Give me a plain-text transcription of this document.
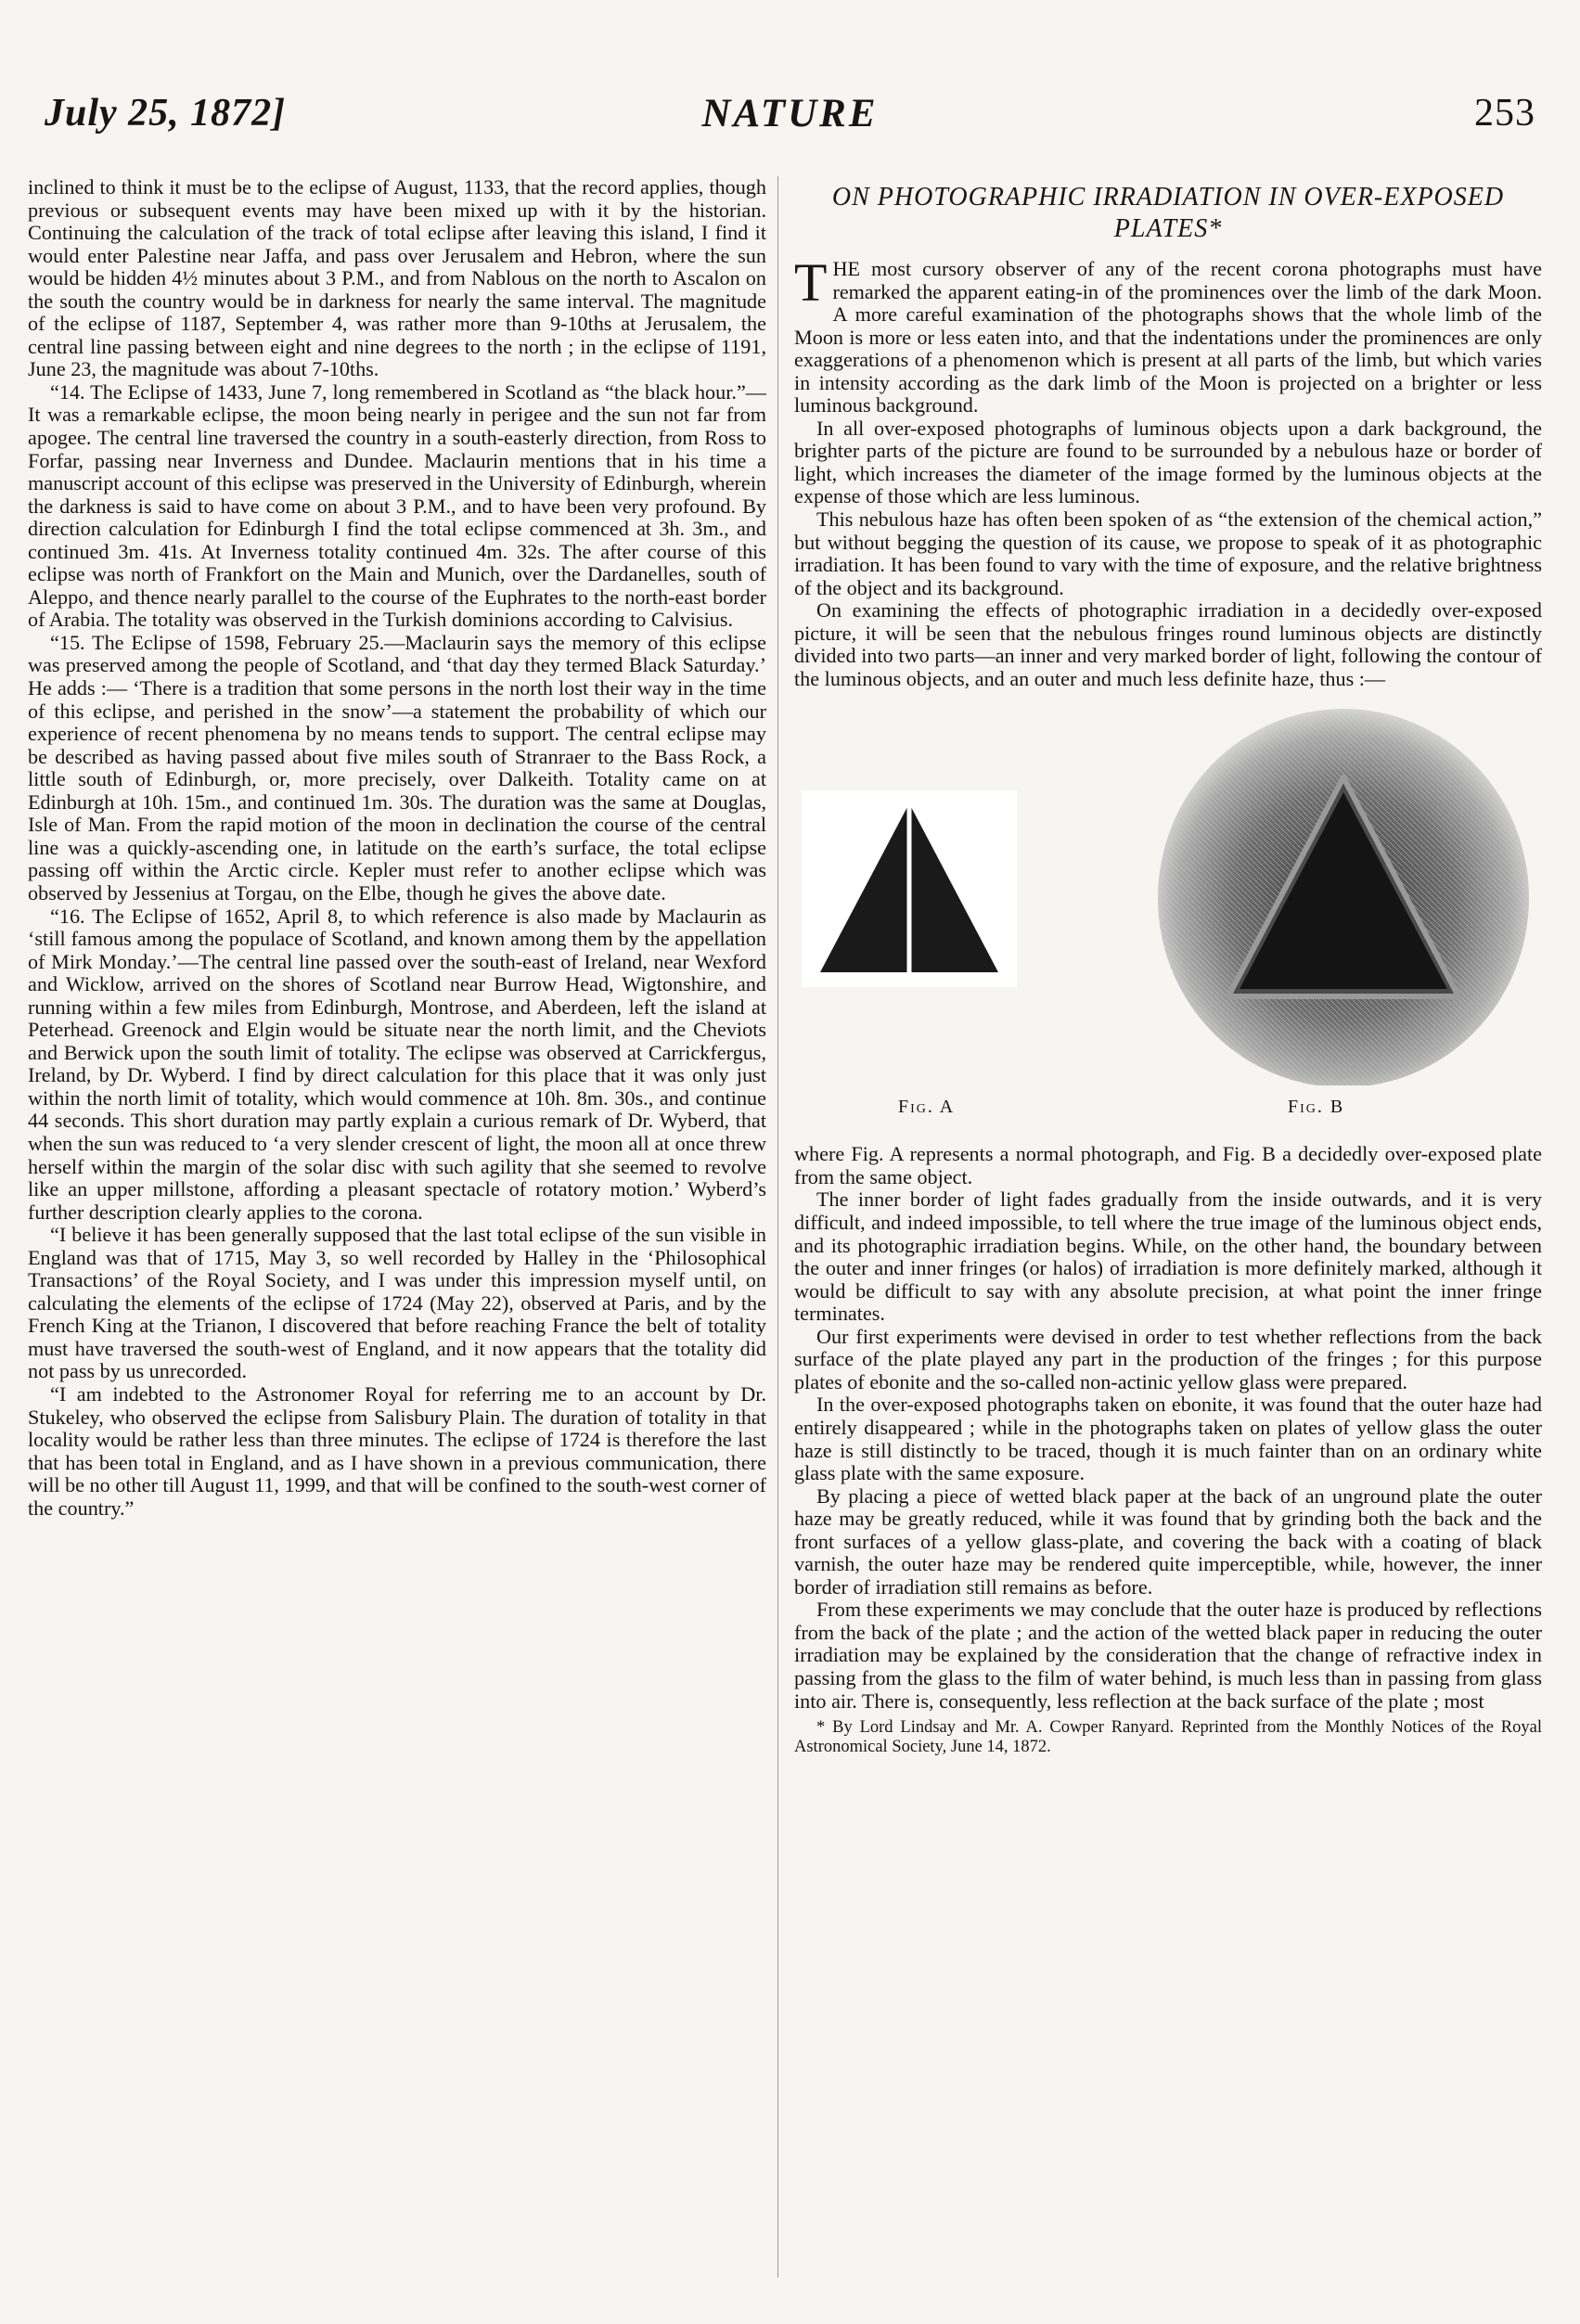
July 25, 1872]	NATURE	253

inclined to think it must be to the eclipse of August, 1133, that the record applies, though previous or subsequent events may have been mixed up with it by the historian. Continuing the calculation of the track of total eclipse after leaving this island, I find it would enter Palestine near Jaffa, and pass over Jerusalem and Hebron, where the sun would be hidden 4½ minutes about 3 P.M., and from Nablous on the north to Ascalon on the south the country would be in darkness for nearly the same interval. The magnitude of the eclipse of 1187, September 4, was rather more than 9-10ths at Jerusalem, the central line passing between eight and nine degrees to the north ; in the eclipse of 1191, June 23, the magnitude was about 7-10ths.

“14. The Eclipse of 1433, June 7, long remembered in Scotland as “the black hour.”—It was a remarkable eclipse, the moon being nearly in perigee and the sun not far from apogee. The central line traversed the country in a south-easterly direction, from Ross to Forfar, passing near Inverness and Dundee. Maclaurin mentions that in his time a manuscript account of this eclipse was preserved in the University of Edinburgh, wherein the darkness is said to have come on about 3 P.M., and to have been very profound. By direction calculation for Edinburgh I find the total eclipse commenced at 3h. 3m., and continued 3m. 41s. At Inverness totality continued 4m. 32s. The after course of this eclipse was north of Frankfort on the Main and Munich, over the Dardanelles, south of Aleppo, and thence nearly parallel to the course of the Euphrates to the north-east border of Arabia. The totality was observed in the Turkish dominions according to Calvisius.

“15. The Eclipse of 1598, February 25.—Maclaurin says the memory of this eclipse was preserved among the people of Scotland, and ‘that day they termed Black Saturday.’ He adds :— ‘There is a tradition that some persons in the north lost their way in the time of this eclipse, and perished in the snow’—a statement the probability of which our experience of recent phenomena by no means tends to support. The central eclipse may be described as having passed about five miles south of Stranraer to the Bass Rock, a little south of Edinburgh, or, more precisely, over Dalkeith. Totality came on at Edinburgh at 10h. 15m., and continued 1m. 30s. The duration was the same at Douglas, Isle of Man. From the rapid motion of the moon in declination the course of the central line was a quickly-ascending one, in latitude on the earth’s surface, the total eclipse passing off within the Arctic circle. Kepler must refer to another eclipse which was observed by Jessenius at Torgau, on the Elbe, though he gives the above date.

“16. The Eclipse of 1652, April 8, to which reference is also made by Maclaurin as ‘still famous among the populace of Scotland, and known among them by the appellation of Mirk Monday.’—The central line passed over the south-east of Ireland, near Wexford and Wicklow, arrived on the shores of Scotland near Burrow Head, Wigtonshire, and running within a few miles from Edinburgh, Montrose, and Aberdeen, left the island at Peterhead. Greenock and Elgin would be situate near the north limit, and the Cheviots and Berwick upon the south limit of totality. The eclipse was observed at Carrickfergus, Ireland, by Dr. Wyberd. I find by direct calculation for this place that it was only just within the north limit of totality, which would commence at 10h. 8m. 30s., and continue 44 seconds. This short duration may partly explain a curious remark of Dr. Wyberd, that when the sun was reduced to ‘a very slender crescent of light, the moon all at once threw herself within the margin of the solar disc with such agility that she seemed to revolve like an upper millstone, affording a pleasant spectacle of rotatory motion.’ Wyberd’s further description clearly applies to the corona.

“I believe it has been generally supposed that the last total eclipse of the sun visible in England was that of 1715, May 3, so well recorded by Halley in the ‘Philosophical Transactions’ of the Royal Society, and I was under this impression myself until, on calculating the elements of the eclipse of 1724 (May 22), observed at Paris, and by the French King at the Trianon, I discovered that before reaching France the belt of totality must have traversed the south-west of England, and it now appears that the totality did not pass by us unrecorded.

“I am indebted to the Astronomer Royal for referring me to an account by Dr. Stukeley, who observed the eclipse from Salisbury Plain. The duration of totality in that locality would be rather less than three minutes. The eclipse of 1724 is therefore the last that has been total in England, and as I have shown in a previous communication, there will be no other till August 11, 1999, and that will be confined to the south-west corner of the country.”

ON PHOTOGRAPHIC IRRADIATION IN OVER-EXPOSED PLATES*

THE most cursory observer of any of the recent corona photographs must have remarked the apparent eating-in of the prominences over the limb of the dark Moon. A more careful examination of the photographs shows that the whole limb of the Moon is more or less eaten into, and that the indentations under the prominences are only exaggerations of a phenomenon which is present at all parts of the limb, but which varies in intensity according as the dark limb of the Moon is projected on a brighter or less luminous background.

In all over-exposed photographs of luminous objects upon a dark background, the brighter parts of the picture are found to be surrounded by a nebulous haze or border of light, which increases the diameter of the image formed by the luminous objects at the expense of those which are less luminous.

This nebulous haze has often been spoken of as “the extension of the chemical action,” but without begging the question of its cause, we propose to speak of it as photographic irradiation. It has been found to vary with the time of exposure, and the relative brightness of the object and its background.

On examining the effects of photographic irradiation in a decidedly over-exposed picture, it will be seen that the nebulous fringes round luminous objects are distinctly divided into two parts—an inner and very marked border of light, following the contour of the luminous objects, and an outer and much less definite haze, thus :—

Fig. A	Fig. B

where Fig. A represents a normal photograph, and Fig. B a decidedly over-exposed plate from the same object.

The inner border of light fades gradually from the inside outwards, and it is very difficult, and indeed impossible, to tell where the true image of the luminous object ends, and its photographic irradiation begins. While, on the other hand, the boundary between the outer and inner fringes (or halos) of irradiation is more definitely marked, although it would be difficult to say with any absolute precision, at what point the inner fringe terminates.

Our first experiments were devised in order to test whether reflections from the back surface of the plate played any part in the production of the fringes ; for this purpose plates of ebonite and the so-called non-actinic yellow glass were prepared.

In the over-exposed photographs taken on ebonite, it was found that the outer haze had entirely disappeared ; while in the photographs taken on plates of yellow glass the outer haze is still distinctly to be traced, though it is much fainter than on an ordinary white glass plate with the same exposure.

By placing a piece of wetted black paper at the back of an unground plate the outer haze may be greatly reduced, while it was found that by grinding both the back and the front surfaces of a yellow glass-plate, and covering the back with a coating of black varnish, the outer haze may be rendered quite imperceptible, while, however, the inner border of irradiation still remains as before.

From these experiments we may conclude that the outer haze is produced by reflections from the back of the plate ; and the action of the wetted black paper in reducing the outer irradiation may be explained by the consideration that the change of refractive index in passing from the glass to the film of water behind, is much less than in passing from glass into air. There is, consequently, less reflection at the back surface of the plate ; most

* By Lord Lindsay and Mr. A. Cowper Ranyard. Reprinted from the Monthly Notices of the Royal Astronomical Society, June 14, 1872.
